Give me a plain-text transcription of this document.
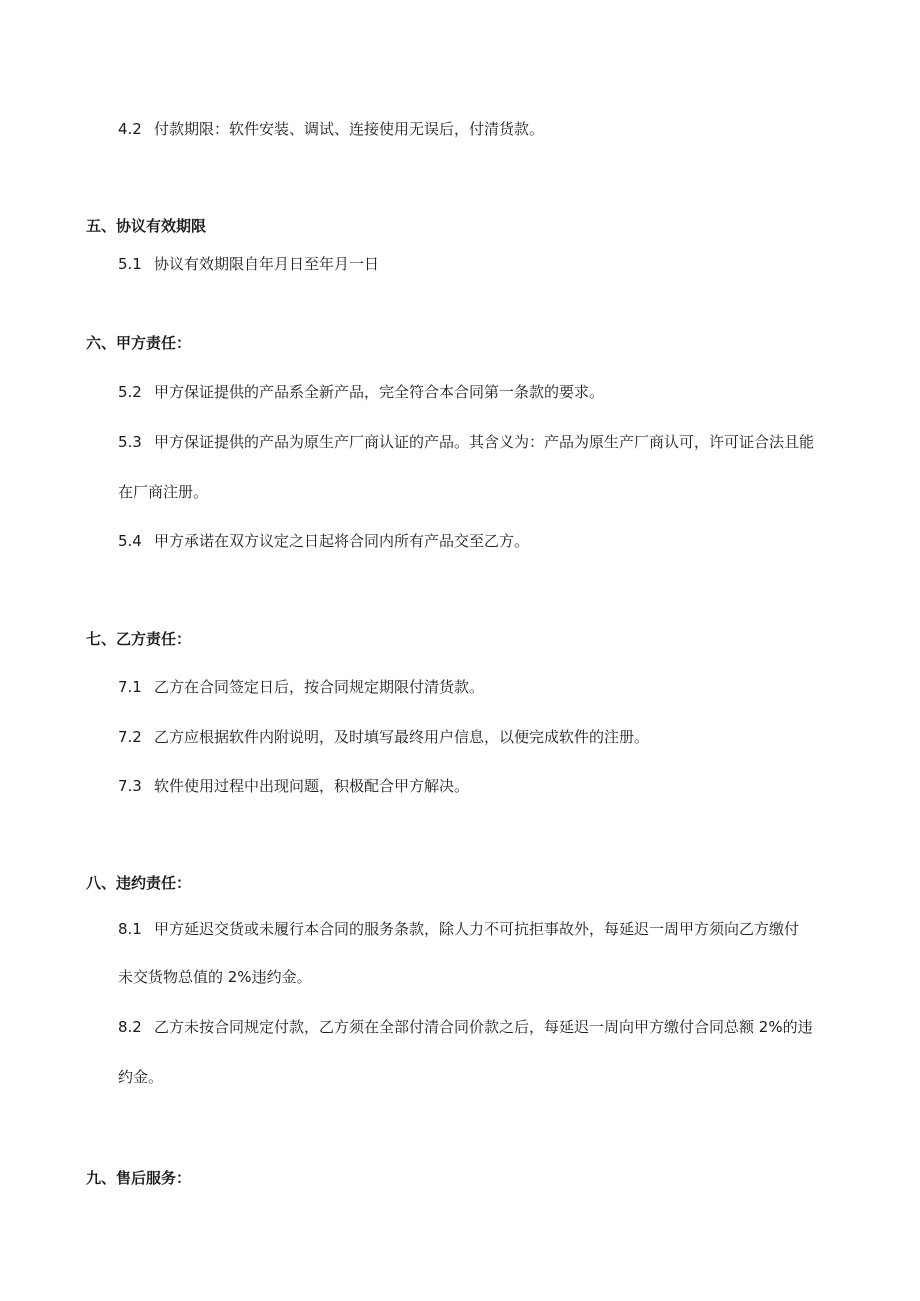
4.2 付款期限：软件安装、调试、连接使用无误后，付清货款。
五、协议有效期限
5.1 协议有效期限自年月日至年月一日
六、甲方责任：
5.2 甲方保证提供的产品系全新产品，完全符合本合同第一条款的要求。
5.3 甲方保证提供的产品为原生产厂商认证的产品。其含义为：产品为原生产厂商认可，许可证合法且能
在厂商注册。
5.4 甲方承诺在双方议定之日起将合同内所有产品交至乙方。
七、乙方责任：
7.1 乙方在合同签定日后，按合同规定期限付清货款。
7.2 乙方应根据软件内附说明，及时填写最终用户信息，以便完成软件的注册。
7.3 软件使用过程中出现问题，积极配合甲方解决。
八、违约责任：
8.1 甲方延迟交货或未履行本合同的服务条款，除人力不可抗拒事故外，每延迟一周甲方须向乙方缴付
未交货物总值的 2%违约金。
8.2 乙方未按合同规定付款，乙方须在全部付清合同价款之后，每延迟一周向甲方缴付合同总额 2%的违
约金。
九、售后服务：
